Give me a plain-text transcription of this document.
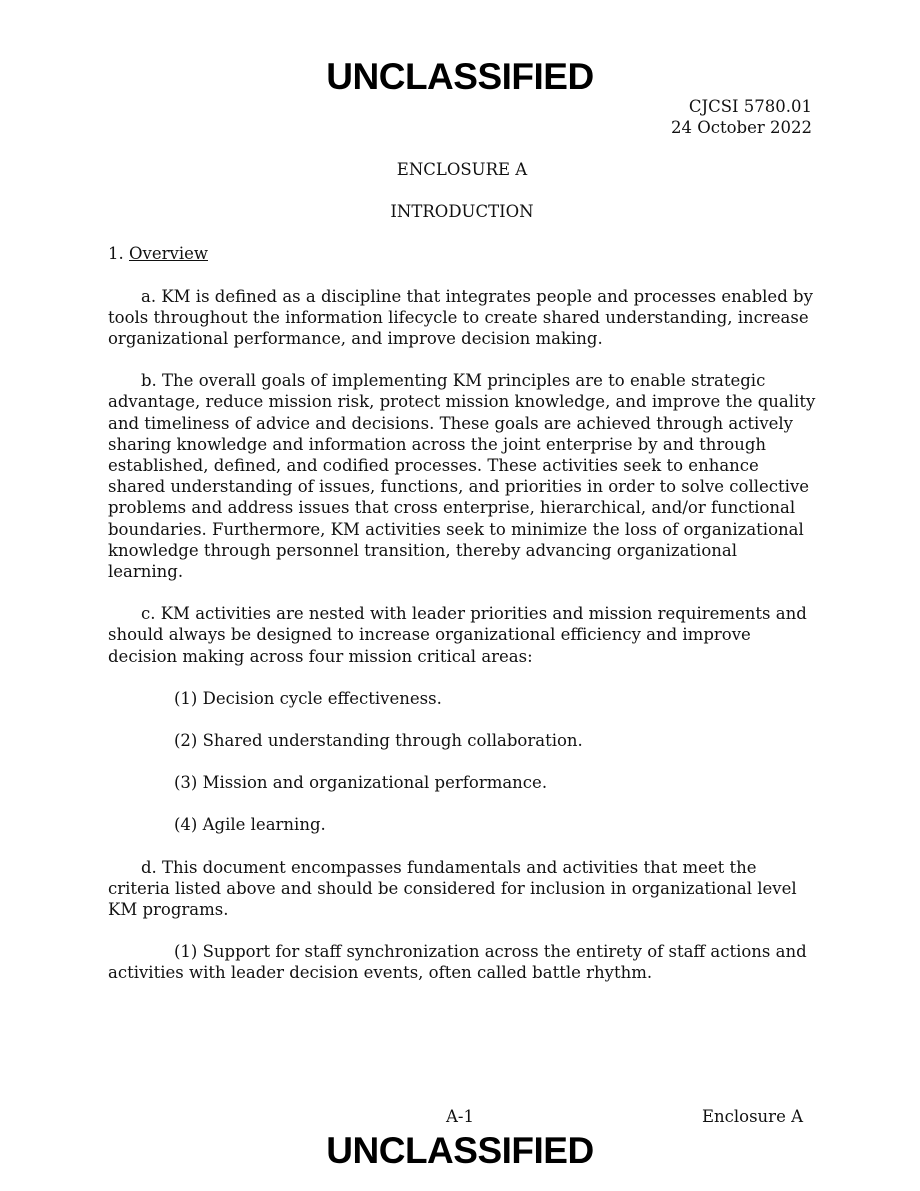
UNCLASSIFIED
CJCSI 5780.01
24 October 2022
ENCLOSURE A
INTRODUCTION

1. Overview

a. KM is defined as a discipline that integrates people and processes enabled by tools throughout the information lifecycle to create shared understanding, increase organizational performance, and improve decision making.

b. The overall goals of implementing KM principles are to enable strategic advantage, reduce mission risk, protect mission knowledge, and improve the quality and timeliness of advice and decisions. These goals are achieved through actively sharing knowledge and information across the joint enterprise by and through established, defined, and codified processes. These activities seek to enhance shared understanding of issues, functions, and priorities in order to solve collective problems and address issues that cross enterprise, hierarchical, and/or functional boundaries. Furthermore, KM activities seek to minimize the loss of organizational knowledge through personnel transition, thereby advancing organizational learning.

c. KM activities are nested with leader priorities and mission requirements and should always be designed to increase organizational efficiency and improve decision making across four mission critical areas:

(1) Decision cycle effectiveness.

(2) Shared understanding through collaboration.

(3) Mission and organizational performance.

(4) Agile learning.

d. This document encompasses fundamentals and activities that meet the criteria listed above and should be considered for inclusion in organizational level KM programs.

(1) Support for staff synchronization across the entirety of staff actions and activities with leader decision events, often called battle rhythm.

A-1	Enclosure A
UNCLASSIFIED
